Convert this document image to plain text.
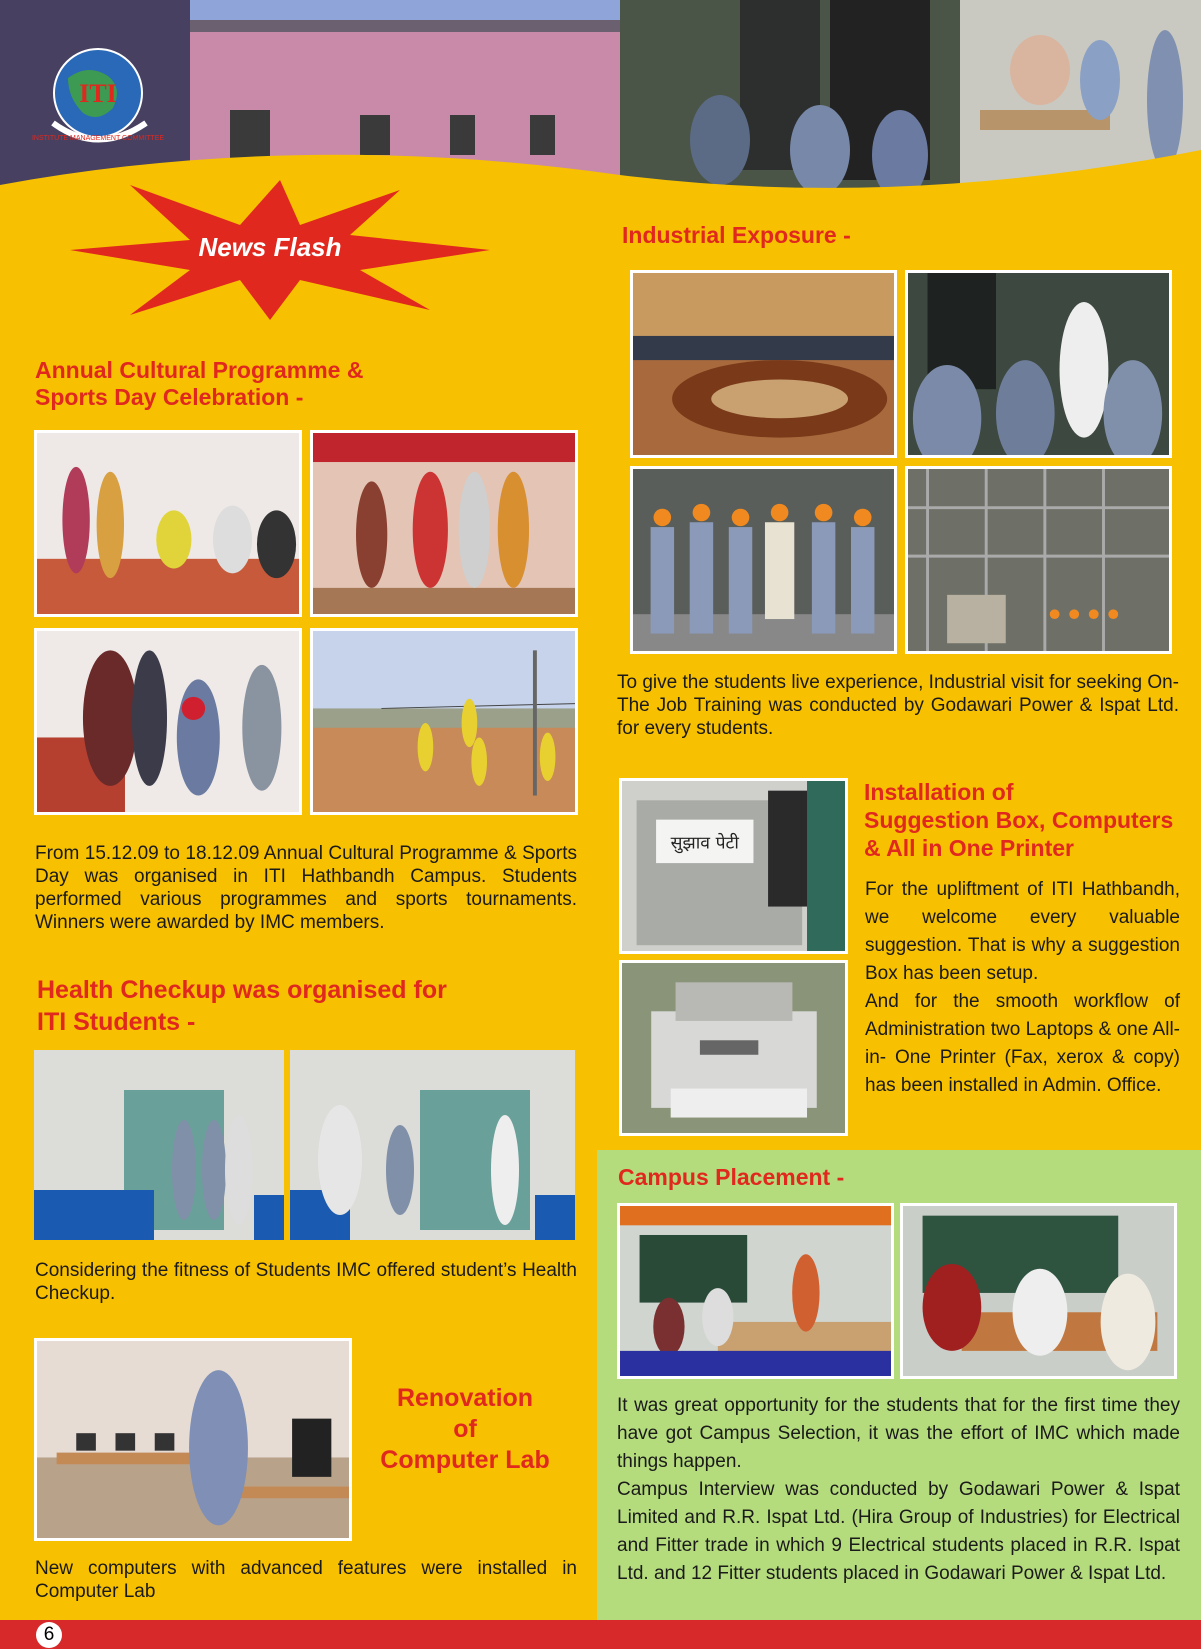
INSTITUTE MANAGEMENT COMMITTEE
ITI
News Flash
Annual Cultural Programme &
Sports Day Celebration -
From 15.12.09 to 18.12.09 Annual Cultural Programme & Sports Day was organised in ITI Hathbandh Campus. Students performed various programmes and sports tournaments. Winners were awarded by IMC members.
Health Checkup was organised for
ITI Students -
Considering the fitness of Students IMC offered student’s Health Checkup.
Renovation
of
Computer Lab
New computers with advanced features were installed in Computer Lab
Industrial Exposure -
To give the students live experience, Industrial visit for seeking On-The Job Training was conducted by Godawari Power & Ispat Ltd. for every students.
सुझाव पेटी
Installation of
Suggestion Box, Computers
& All in One Printer
For the upliftment of ITI Hathbandh, we welcome every valuable suggestion. That is why a suggestion Box has been setup.
And for the smooth workflow of Administration two Laptops & one All-in- One Printer (Fax, xerox & copy) has been installed in Admin. Office.
Campus Placement -
It was great opportunity for the students that for the first time they have got Campus Selection, it was the effort of IMC which made things happen.
Campus Interview was conducted by Godawari Power & Ispat Limited and R.R. Ispat Ltd. (Hira Group of Industries) for Electrical and Fitter trade in which 9 Electrical students placed in R.R. Ispat Ltd. and 12 Fitter students placed in Godawari Power & Ispat Ltd.
6
